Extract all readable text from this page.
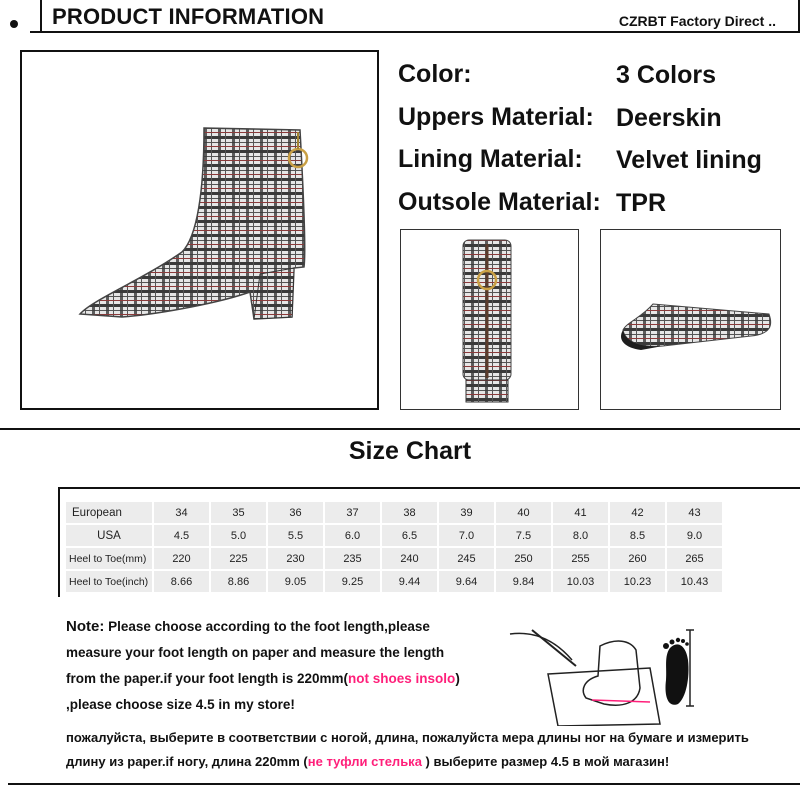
PRODUCT INFORMATION	CZRBT Factory Direct ..
Color:	3 Colors
Uppers Material: Deerskin
Lining Material: Velvet lining
Outsole Material: TPR
Size Chart
European	34	35	36	37	38	39	40	41	42	43
USA	4.5	5.0	5.5	6.0	6.5	7.0	7.5	8.0	8.5	9.0
Heel to Toe(mm)	220	225	230	235	240	245	250	255	260	265
Heel to Toe(inch)	8.66	8.86	9.05	9.25	9.44	9.64	9.84	10.03	10.23	10.43
Note: Please choose according to the foot length,please
measure your foot length on paper and measure the length
from the paper.if your foot length is 220mm(not shoes insolo)
,please choose size 4.5 in my store!
пожалуйста, выберите в соответствии с ногой, длина, пожалуйста мера длины ног на бумаге и измерить
длину из paper.if ногу, длина 220mm (не туфли стелька ) выберите размер 4.5 в мой магазин!
